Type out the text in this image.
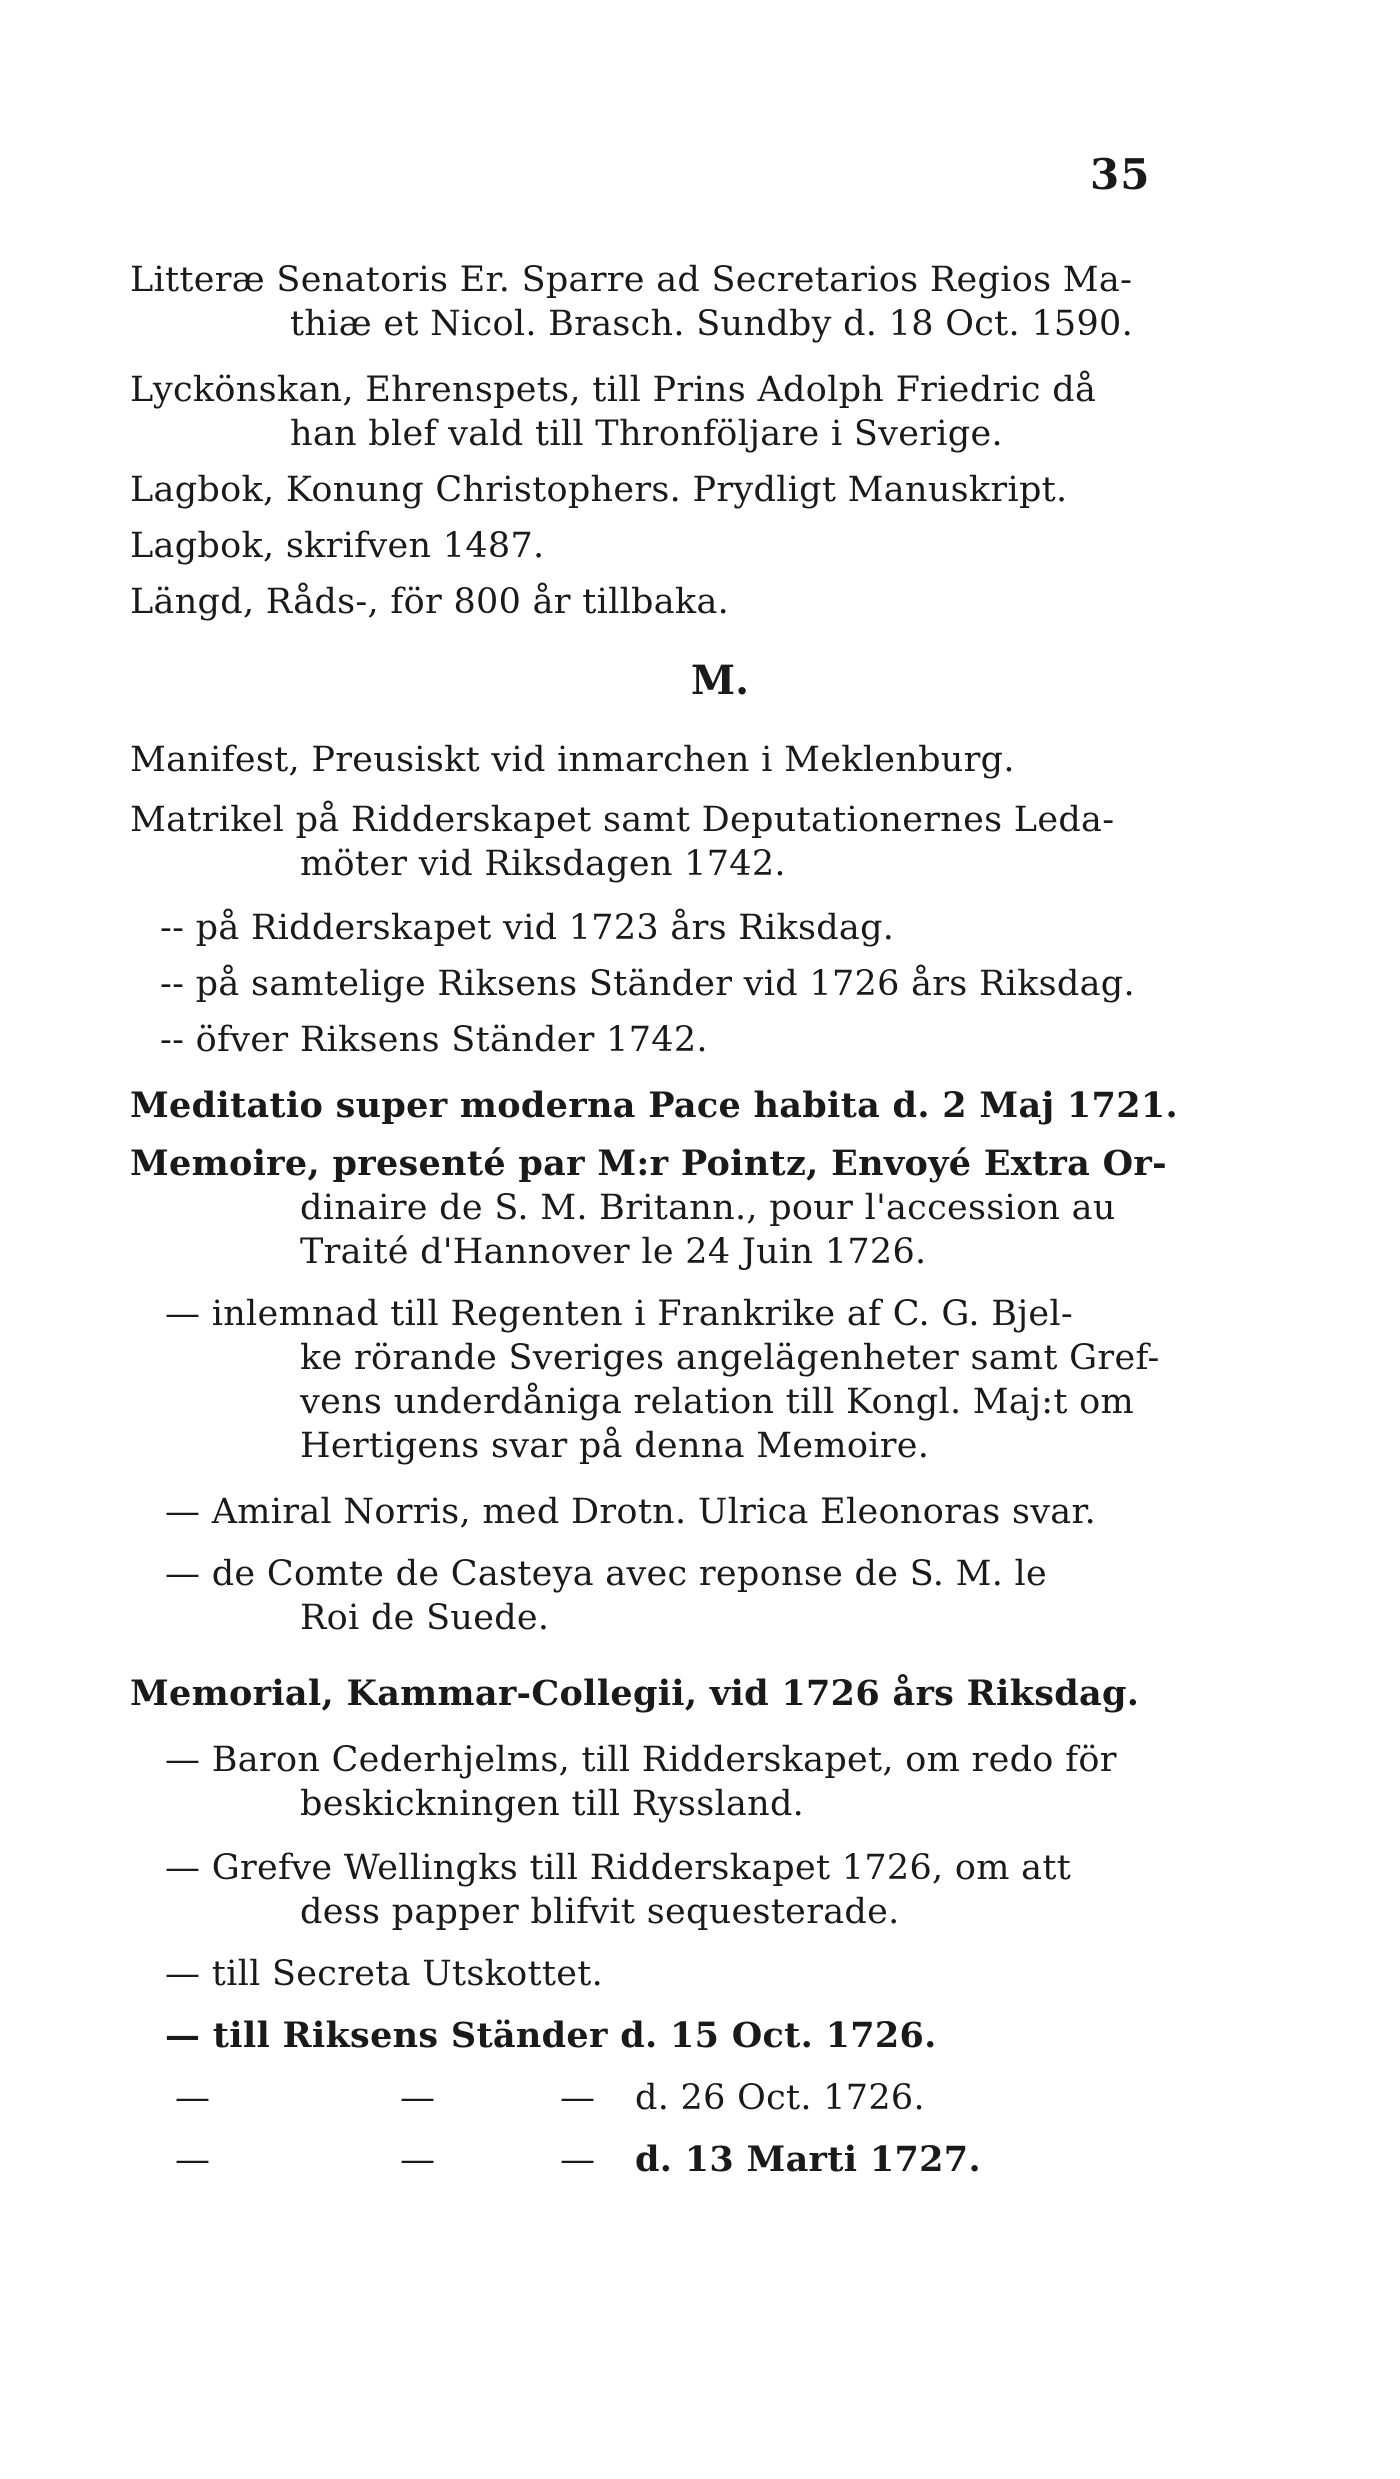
35
Litteræ Senatoris Er. Sparre ad Secretarios Regios Ma-
thiæ et Nicol. Brasch. Sundby d. 18 Oct. 1590.
Lyckönskan, Ehrenspets, till Prins Adolph Friedric då
han blef vald till Thronföljare i Sverige.
Lagbok, Konung Christophers. Prydligt Manuskript.
Lagbok, skrifven 1487.
Längd, Råds-, för 800 år tillbaka.
M.
Manifest, Preusiskt vid inmarchen i Meklenburg.
Matrikel på Ridderskapet samt Deputationernes Leda-
möter vid Riksdagen 1742.
-- på Ridderskapet vid 1723 års Riksdag.
-- på samtelige Riksens Ständer vid 1726 års Riksdag.
-- öfver Riksens Ständer 1742.
Meditatio super moderna Pace habita d. 2 Maj 1721.
Memoire, presenté par M:r Pointz, Envoyé Extra Or-
dinaire de S. M. Britann., pour l'accession au
Traité d'Hannover le 24 Juin 1726.
— inlemnad till Regenten i Frankrike af C. G. Bjel-
ke rörande Sveriges angelägenheter samt Gref-
vens underdåniga relation till Kongl. Maj:t om
Hertigens svar på denna Memoire.
— Amiral Norris, med Drotn. Ulrica Eleonoras svar.
— de Comte de Casteya avec reponse de S. M. le
Roi de Suede.
Memorial, Kammar-Collegii, vid 1726 års Riksdag.
— Baron Cederhjelms, till Ridderskapet, om redo för
beskickningen till Ryssland.
— Grefve Wellingks till Ridderskapet 1726, om att
dess papper blifvit sequesterade.
— till Secreta Utskottet.
— till Riksens Ständer d. 15 Oct. 1726.
—	—	— d. 26 Oct. 1726.
—	—	— d. 13 Marti 1727.
